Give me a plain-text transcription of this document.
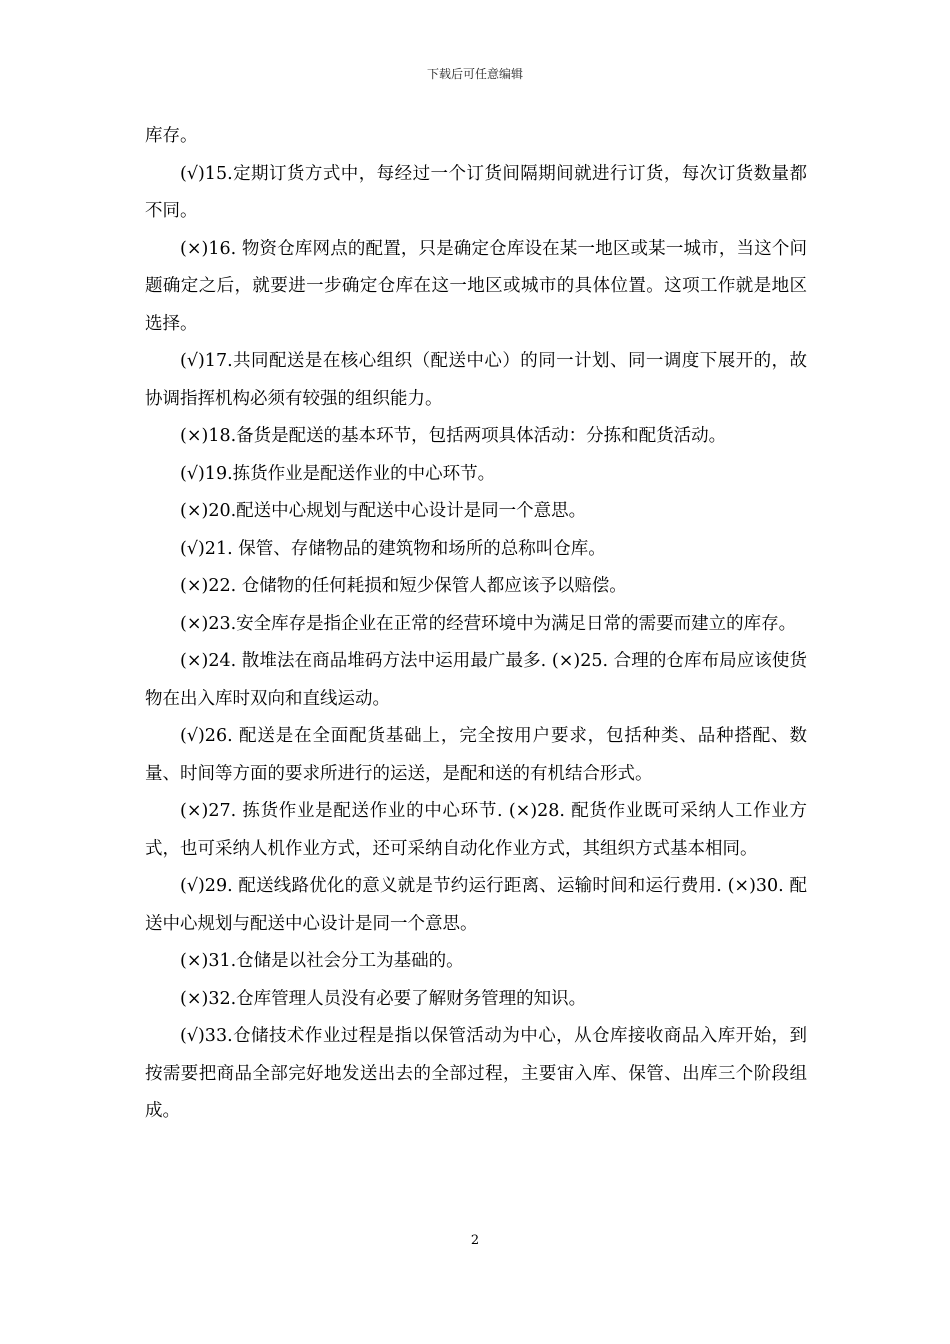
下载后可任意编辑

库存。

(√)15.定期订货方式中，每经过一个订货间隔期间就进行订货，每次订货数量都不同。

(×)16. 物资仓库网点的配置，只是确定仓库设在某一地区或某一城市，当这个问题确定之后，就要进一步确定仓库在这一地区或城市的具体位置。这项工作就是地区选择。

(√)17.共同配送是在核心组织（配送中心）的同一计划、同一调度下展开的，故协调指挥机构必须有较强的组织能力。

(×)18.备货是配送的基本环节，包括两项具体活动：分拣和配货活动。

(√)19.拣货作业是配送作业的中心环节。

(×)20.配送中心规划与配送中心设计是同一个意思。

(√)21. 保管、存储物品的建筑物和场所的总称叫仓库。

(×)22. 仓储物的任何耗损和短少保管人都应该予以赔偿。

(×)23.安全库存是指企业在正常的经营环境中为满足日常的需要而建立的库存。

(×)24. 散堆法在商品堆码方法中运用最广最多. (×)25. 合理的仓库布局应该使货物在出入库时双向和直线运动。

(√)26. 配送是在全面配货基础上，完全按用户要求，包括种类、品种搭配、数量、时间等方面的要求所进行的运送，是配和送的有机结合形式。

(×)27. 拣货作业是配送作业的中心环节. (×)28. 配货作业既可采纳人工作业方式，也可采纳人机作业方式，还可采纳自动化作业方式，其组织方式基本相同。

(√)29. 配送线路优化的意义就是节约运行距离、运输时间和运行费用. (×)30. 配送中心规划与配送中心设计是同一个意思。

(×)31.仓储是以社会分工为基础的。

(×)32.仓库管理人员没有必要了解财务管理的知识。

(√)33.仓储技术作业过程是指以保管活动为中心，从仓库接收商品入库开始，到按需要把商品全部完好地发送出去的全部过程，主要宙入库、保管、出库三个阶段组成。

2
